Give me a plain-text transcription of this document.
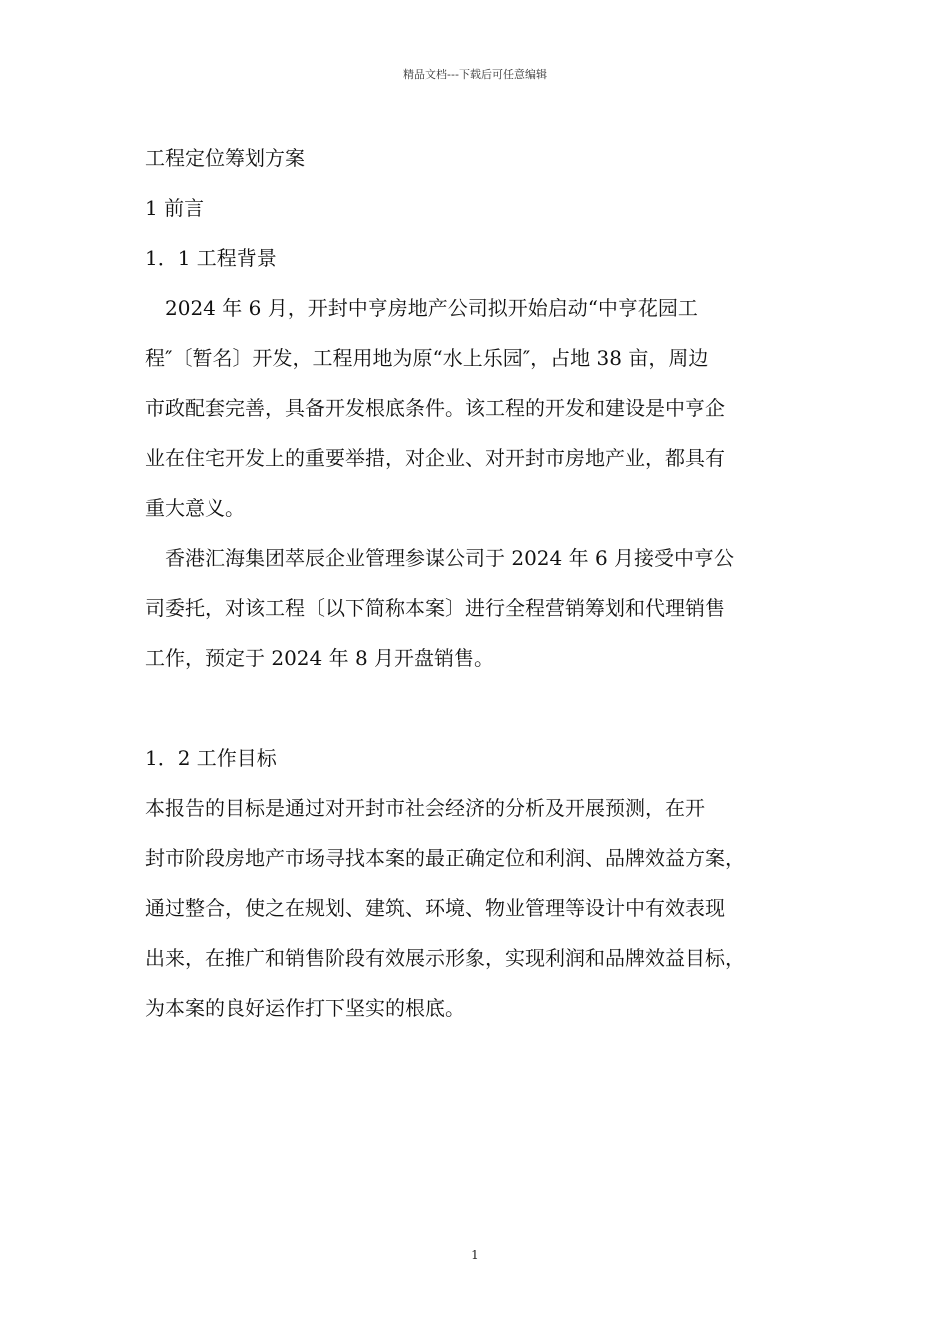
精品文档---下载后可任意编辑
工程定位筹划方案
1 前言
1．1 工程背景
　2024 年 6 月，开封中亨房地产公司拟开始启动“中亨花园工
程″〔暂名〕开发，工程用地为原“水上乐园″，占地 38 亩，周边
市政配套完善，具备开发根底条件。该工程的开发和建设是中亨企
业在住宅开发上的重要举措，对企业、对开封市房地产业，都具有
重大意义。
　香港汇海集团萃辰企业管理参谋公司于 2024 年 6 月接受中亨公
司委托，对该工程〔以下简称本案〕进行全程营销筹划和代理销售
工作，预定于 2024 年 8 月开盘销售。
1．2 工作目标
本报告的目标是通过对开封市社会经济的分析及开展预测，在开
封市阶段房地产市场寻找本案的最正确定位和利润、品牌效益方案，
通过整合，使之在规划、建筑、环境、物业管理等设计中有效表现
出来，在推广和销售阶段有效展示形象，实现利润和品牌效益目标，
为本案的良好运作打下坚实的根底。
1
